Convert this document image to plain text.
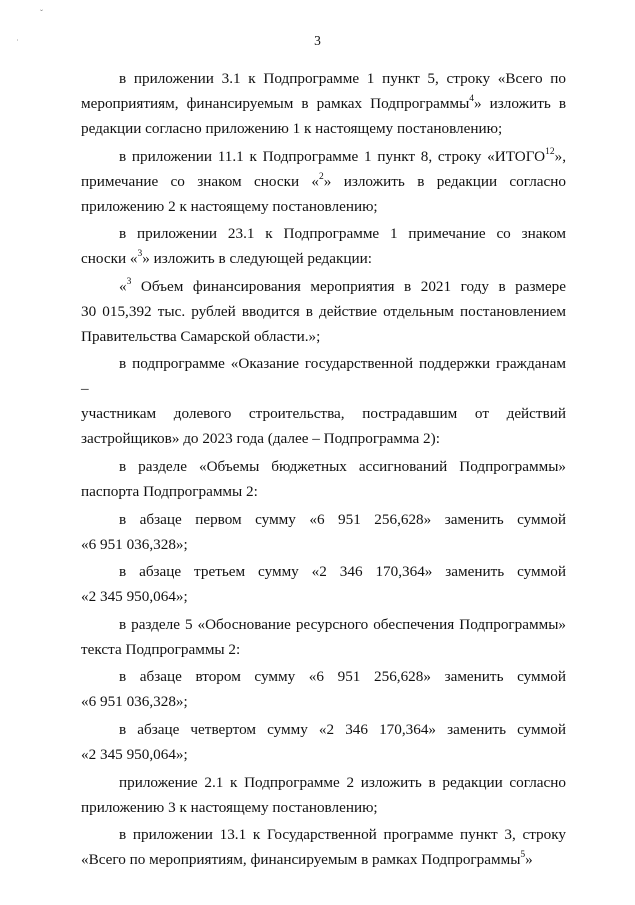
ˇ
˙	3
в приложении 3.1 к Подпрограмме 1 пункт 5, строку «Всего по
мероприятиям, финансируемым в рамках Подпрограммы$^4$» изложить в
редакции согласно приложению 1 к настоящему постановлению;
в приложении 11.1 к Подпрограмме 1 пункт 8, строку «ИТОГО$^{12}$»,
примечание со знаком сноски «$^2$» изложить в редакции согласно
приложению 2 к настоящему постановлению;
в приложении 23.1 к Подпрограмме 1 примечание со знаком
сноски «$^3$» изложить в следующей редакции:
«$^3$ Объем финансирования мероприятия в 2021 году в размере
30 015,392 тыс. рублей вводится в действие отдельным постановлением
Правительства Самарской области.»;
в подпрограмме «Оказание государственной поддержки гражданам –
участникам долевого строительства, пострадавшим от действий
застройщиков» до 2023 года (далее – Подпрограмма 2):
в разделе «Объемы бюджетных ассигнований Подпрограммы»
паспорта Подпрограммы 2:
в абзаце первом сумму «6 951 256,628» заменить суммой
«6 951 036,328»;
в абзаце третьем сумму «2 346 170,364» заменить суммой
«2 345 950,064»;
в разделе 5 «Обоснование ресурсного обеспечения Подпрограммы»
текста Подпрограммы 2:
в абзаце втором сумму «6 951 256,628» заменить суммой
«6 951 036,328»;
в абзаце четвертом сумму «2 346 170,364» заменить суммой
«2 345 950,064»;
приложение 2.1 к Подпрограмме 2 изложить в редакции согласно
приложению 3 к настоящему постановлению;
в приложении 13.1 к Государственной программе пункт 3, строку
«Всего по мероприятиям, финансируемым в рамках Подпрограммы$^5$»
